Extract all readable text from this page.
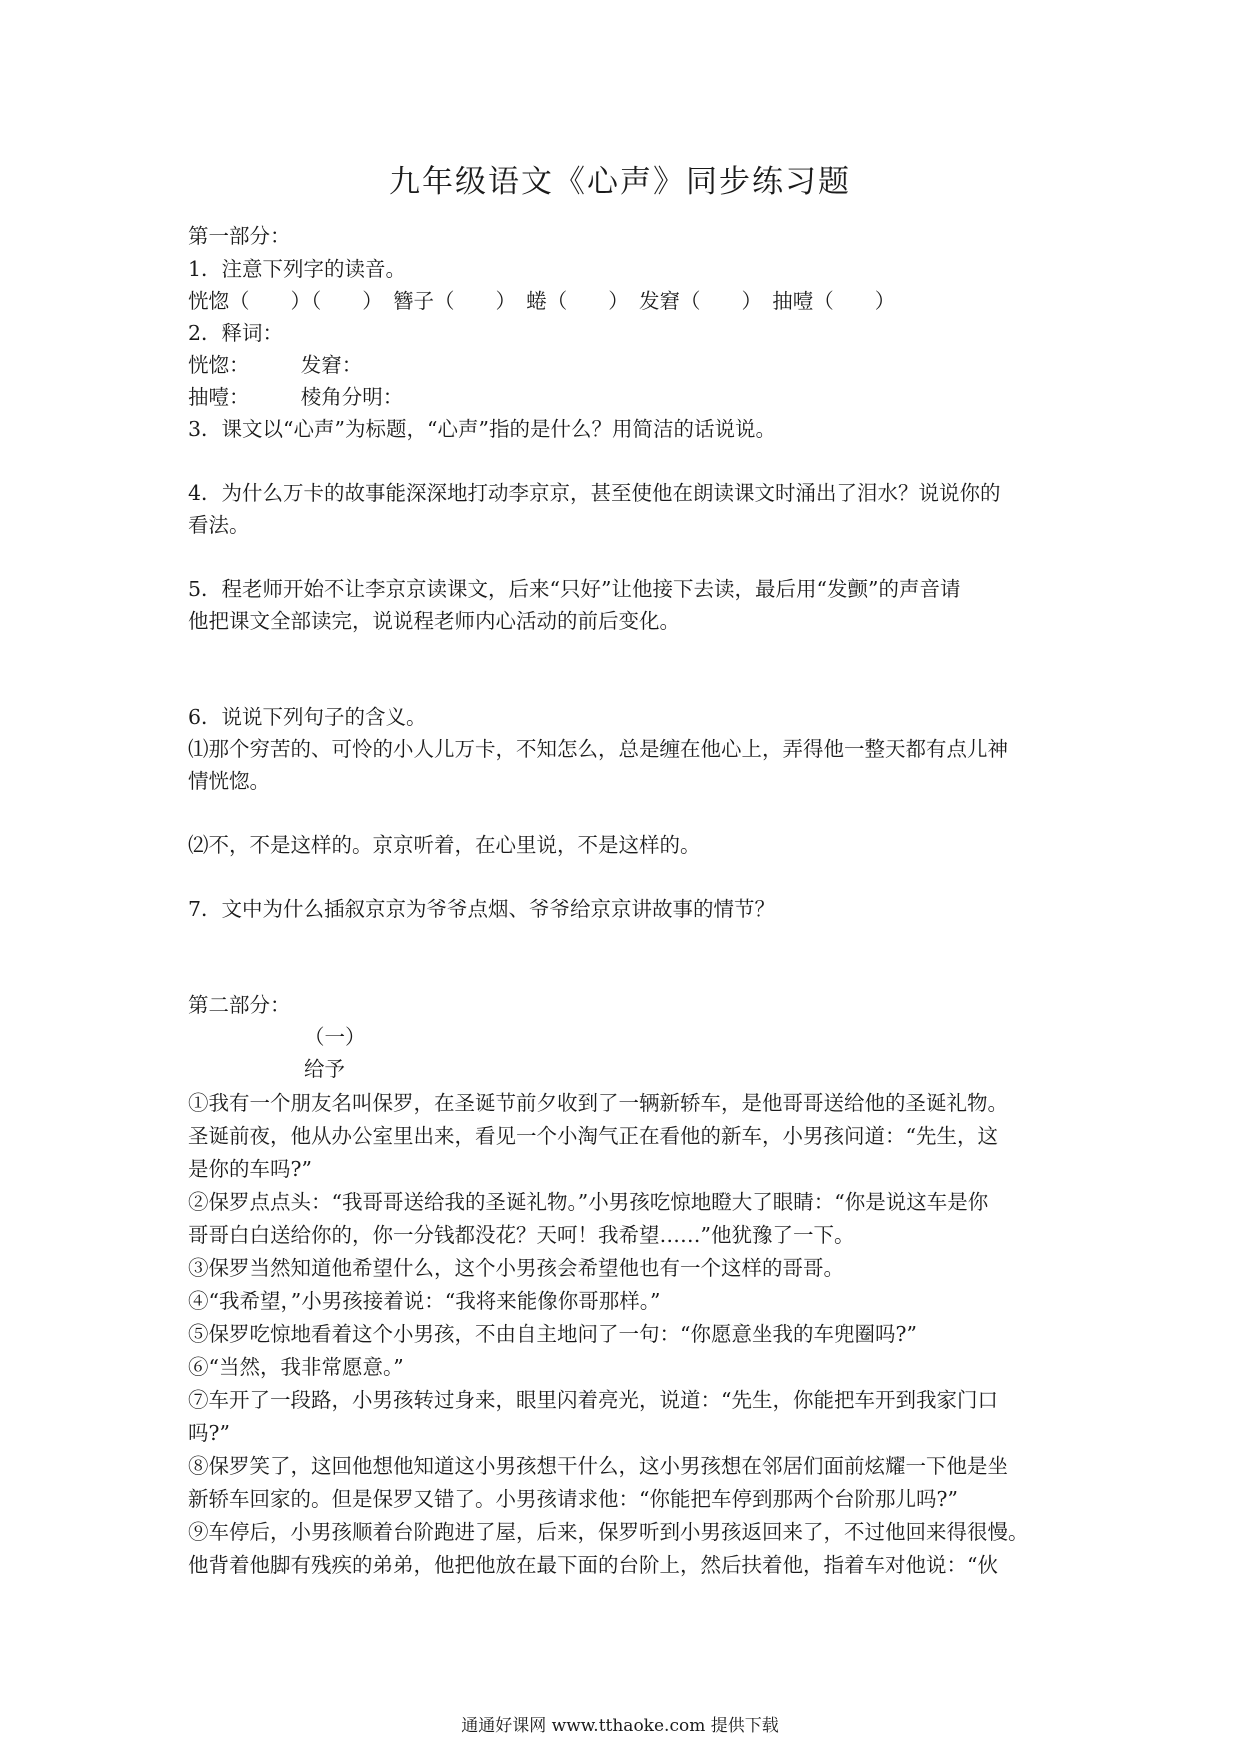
九年级语文《心声》同步练习题
第一部分：
1．注意下列字的读音。
恍惚（　　）（　　）　簪子（　　）　蜷（　　）　发窘（　　）　抽噎（　　）
2．释词：
恍惚：　　　发窘：
抽噎：　　　棱角分明：
3．课文以“心声”为标题，“心声”指的是什么？用简洁的话说说。
4．为什么万卡的故事能深深地打动李京京，甚至使他在朗读课文时涌出了泪水？说说你的
看法。
5．程老师开始不让李京京读课文，后来“只好”让他接下去读，最后用“发颤”的声音请
他把课文全部读完，说说程老师内心活动的前后变化。
6．说说下列句子的含义。
⑴那个穷苦的、可怜的小人儿万卡，不知怎么，总是缠在他心上，弄得他一整天都有点儿神
情恍惚。
⑵不，不是这样的。京京听着，在心里说，不是这样的。
7．文中为什么插叙京京为爷爷点烟、爷爷给京京讲故事的情节？
第二部分：
（一）
给予
①我有一个朋友名叫保罗，在圣诞节前夕收到了一辆新轿车，是他哥哥送给他的圣诞礼物。
圣诞前夜，他从办公室里出来，看见一个小淘气正在看他的新车，小男孩问道：“先生，这
是你的车吗?”
②保罗点点头：“我哥哥送给我的圣诞礼物。”小男孩吃惊地瞪大了眼睛：“你是说这车是你
哥哥白白送给你的，你一分钱都没花？天呵！我希望……”他犹豫了一下。
③保罗当然知道他希望什么，这个小男孩会希望他也有一个这样的哥哥。
④“我希望，”小男孩接着说：“我将来能像你哥那样。”
⑤保罗吃惊地看着这个小男孩，不由自主地问了一句：“你愿意坐我的车兜圈吗?”
⑥“当然，我非常愿意。”
⑦车开了一段路，小男孩转过身来，眼里闪着亮光，说道：“先生，你能把车开到我家门口
吗?”
⑧保罗笑了，这回他想他知道这小男孩想干什么，这小男孩想在邻居们面前炫耀一下他是坐
新轿车回家的。但是保罗又错了。小男孩请求他：“你能把车停到那两个台阶那儿吗?”
⑨车停后，小男孩顺着台阶跑进了屋，后来，保罗听到小男孩返回来了，不过他回来得很慢。
他背着他脚有残疾的弟弟，他把他放在最下面的台阶上，然后扶着他，指着车对他说：“伙
通通好课网 www.tthaoke.com 提供下载
